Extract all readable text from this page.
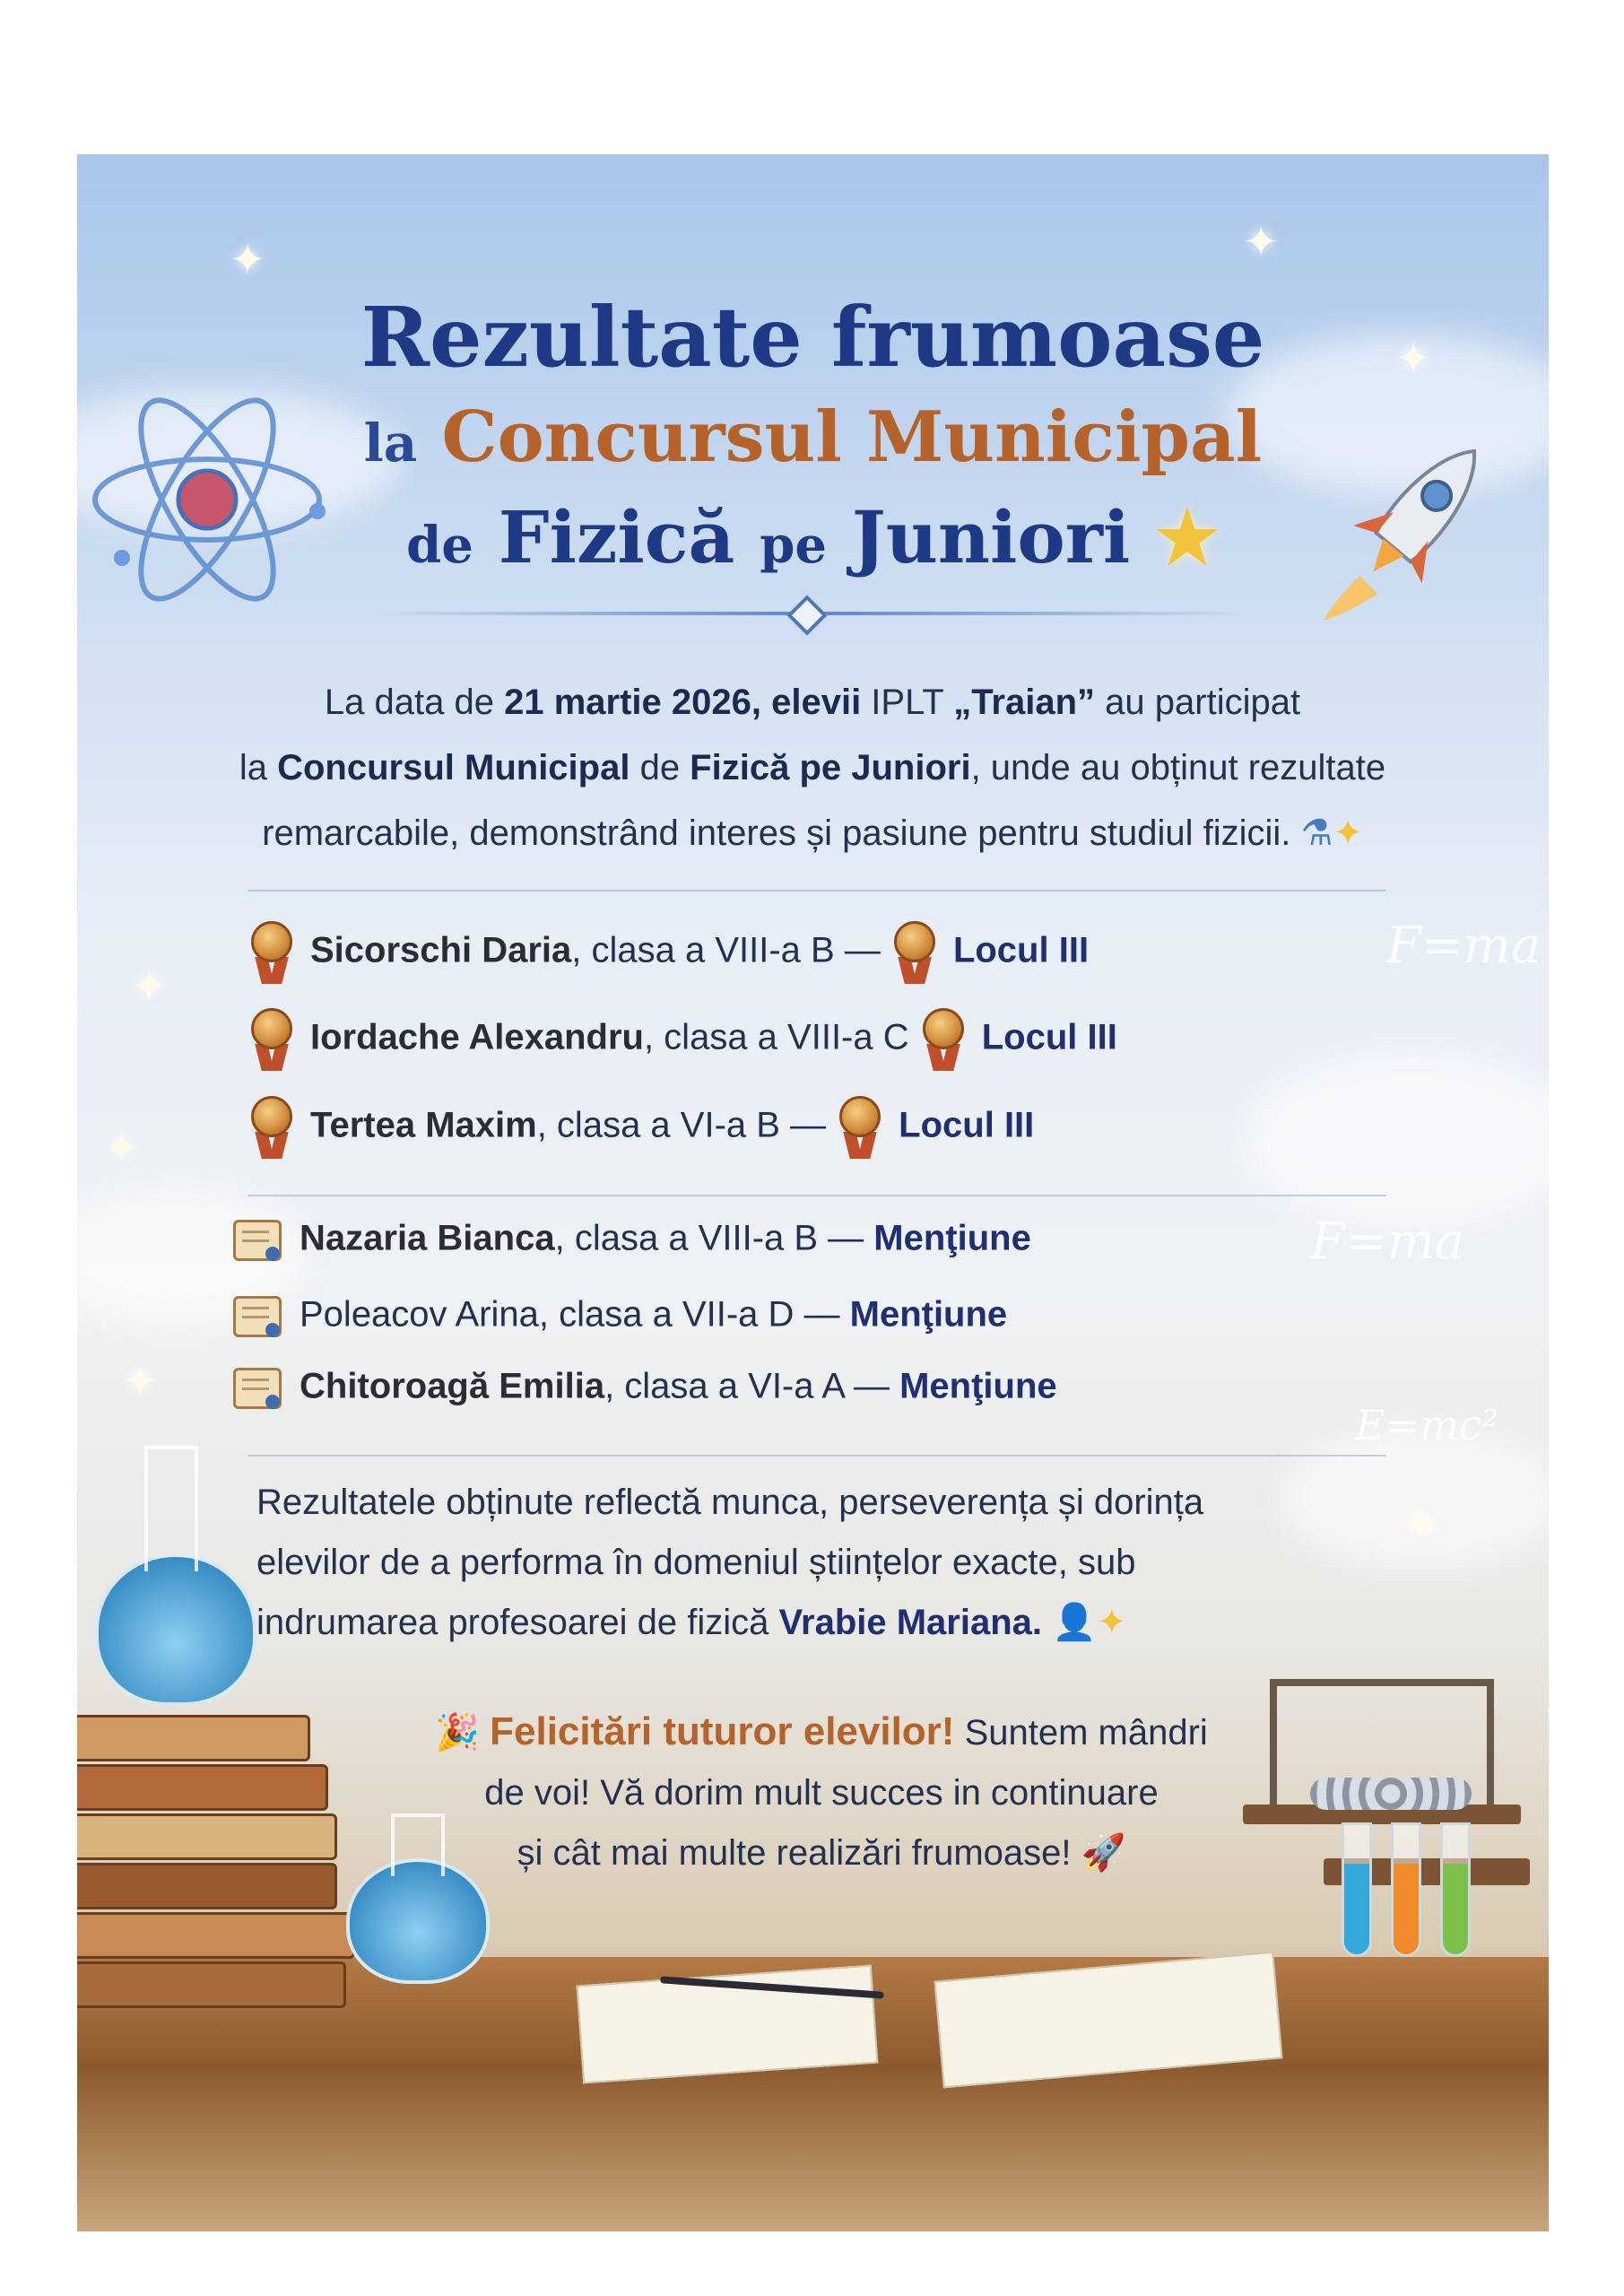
✦	✦
✦
✦
✦
✦
✦
Rezultate frumoase
la Concursul Municipal
de Fizică pe Juniori ★
La data de 21 martie 2026, elevii IPLT „Traian” au participat
la Concursul Municipal de Fizică pe Juniori, unde au obținut rezultate
remarcabile, demonstrând interes și pasiune pentru studiul fizicii. ⚗✦
Sicorschi Daria, clasa a VIII-a B —
Locul III
Iordache Alexandru, clasa a VIII-a C Locul III
Tertea Maxim, clasa a VI-a B —
Locul III
Nazaria Bianca, clasa a VIII-a B — Menţiune
Poleacov Arina, clasa a VII-a D — Menţiune
Chitoroagă Emilia, clasa a VI-a A — Menţiune
F=ma
F=ma
E=mc²
Rezultatele obținute reflectă munca, perseverența și dorința
elevilor de a performa în domeniul științelor exacte, sub
indrumarea profesoarei de fizică Vrabie Mariana. 👤✦
🎉 Felicitări tuturor elevilor! Suntem mândri
de voi! Vă dorim mult succes in continuare
și cât mai multe realizări frumoase! 🚀
